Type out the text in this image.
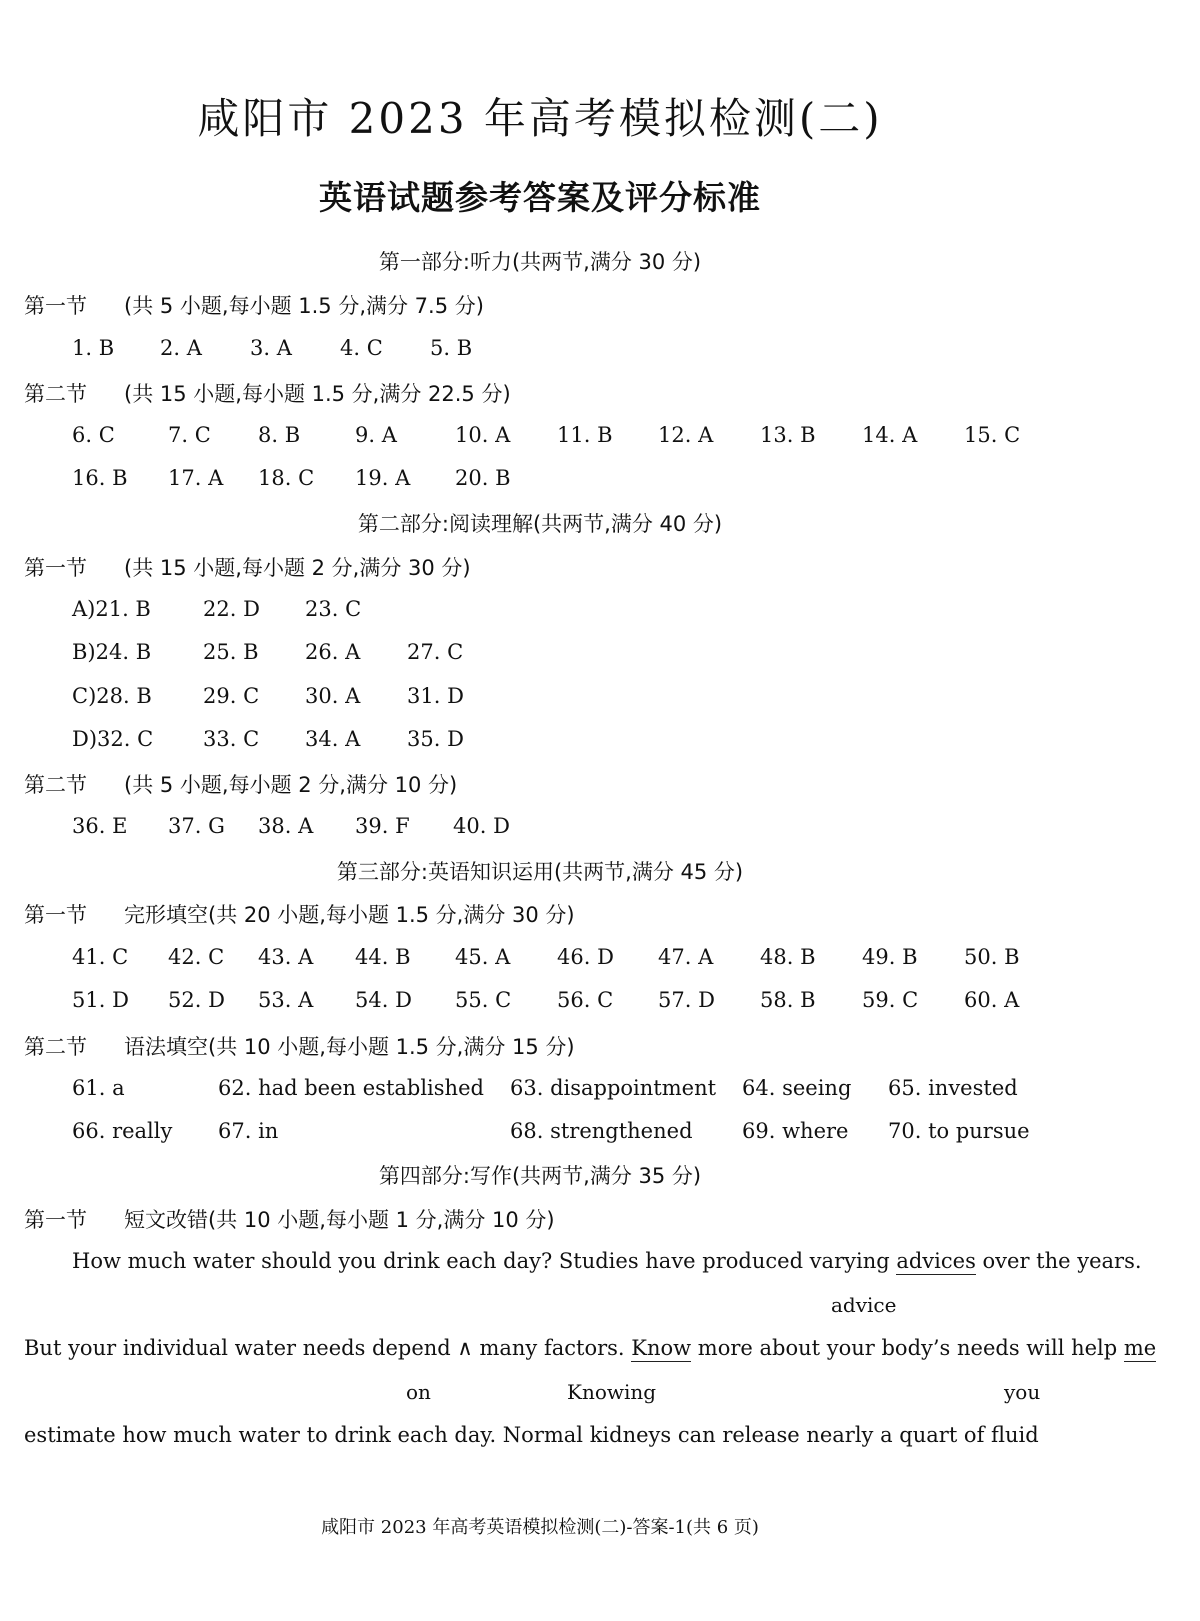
咸阳市 2023 年高考模拟检测(二)
英语试题参考答案及评分标准
第一部分:听力(共两节,满分 30 分)
第一节 (共 5 小题,每小题 1.5 分,满分 7.5 分)
1. B 2. A 3. A 4. C 5. B
第二节 (共 15 小题,每小题 1.5 分,满分 22.5 分)
6. C	7. C 8. B	9. A	10. A 11. B 12. A 13. B 14. A 15. C
16. B 17. A 18. C 19. A 20. B
第二部分:阅读理解(共两节,满分 40 分)
第一节 (共 15 小题,每小题 2 分,满分 30 分)
A)21. B 22. D 23. C
B)24. B 25. B 26. A 27. C
C)28. B 29. C 30. A 31. D
D)32. C 33. C 34. A 35. D
第二节 (共 5 小题,每小题 2 分,满分 10 分)
36. E 37. G 38. A 39. F 40. D
第三部分:英语知识运用(共两节,满分 45 分)
第一节 完形填空(共 20 小题,每小题 1.5 分,满分 30 分)
41. C 42. C 43. A 44. B 45. A 46. D 47. A 48. B 49. B 50. B
51. D 52. D 53. A 54. D 55. C 56. C 57. D 58. B 59. C 60. A
第二节 语法填空(共 10 小题,每小题 1.5 分,满分 15 分)
61. a	62. had been established 63. disappointment 64. seeing 65. invested
66. really 67. in	68. strengthened 69. where 70. to pursue
第四部分:写作(共两节,满分 35 分)
第一节 短文改错(共 10 小题,每小题 1 分,满分 10 分)
How much water should you drink each day? Studies have produced varying advices over the years.
advice
But your individual water needs depend ∧ many factors. Know more about your body’s needs will help me
on	Knowing	you
estimate how much water to drink each day. Normal kidneys can release nearly a quart of fluid
咸阳市 2023 年高考英语模拟检测(二)-答案-1(共 6 页)
